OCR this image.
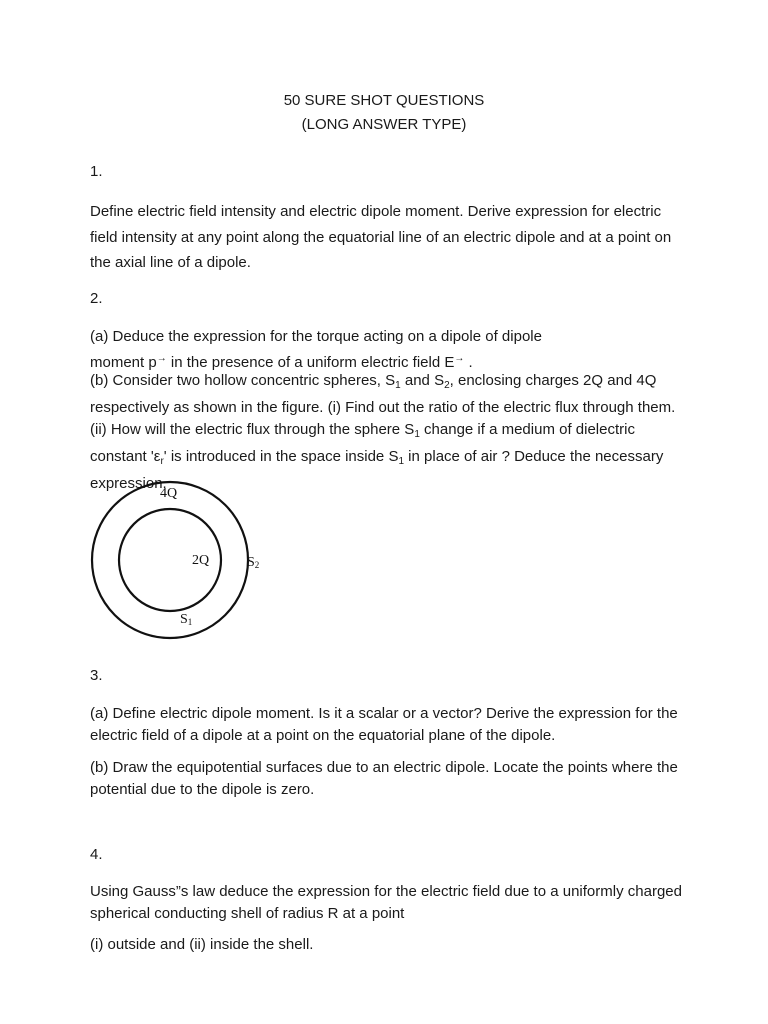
50 SURE SHOT QUESTIONS
(LONG ANSWER TYPE)
1.
Define electric field intensity and electric dipole moment. Derive expression for electric field intensity at any point along the equatorial line of an electric dipole and at a point on the axial line of a dipole.
2.
(a) Deduce the expression for the torque acting on a dipole of dipole
moment p→ in the presence of a uniform electric field E→ .
(b) Consider two hollow concentric spheres, $S_1$ and $S_2$, enclosing charges 2Q and 4Q respectively as shown in the figure. (i) Find out the ratio of the electric flux through them. (ii) How will the electric flux through the sphere $S_1$ change if a medium of dielectric constant '$\varepsilon_r$' is introduced in the space inside $S_1$ in place of air ? Deduce the necessary expression.
4Q
2Q	S2
S1
3.
(a) Define electric dipole moment. Is it a scalar or a vector? Derive the expression for the electric field of a dipole at a point on the equatorial plane of the dipole.
(b) Draw the equipotential surfaces due to an electric dipole. Locate the points where the potential due to the dipole is zero.
4.
Using Gauss”s law deduce the expression for the electric field due to a uniformly charged spherical conducting shell of radius R at a point
(i) outside and (ii) inside the shell.
